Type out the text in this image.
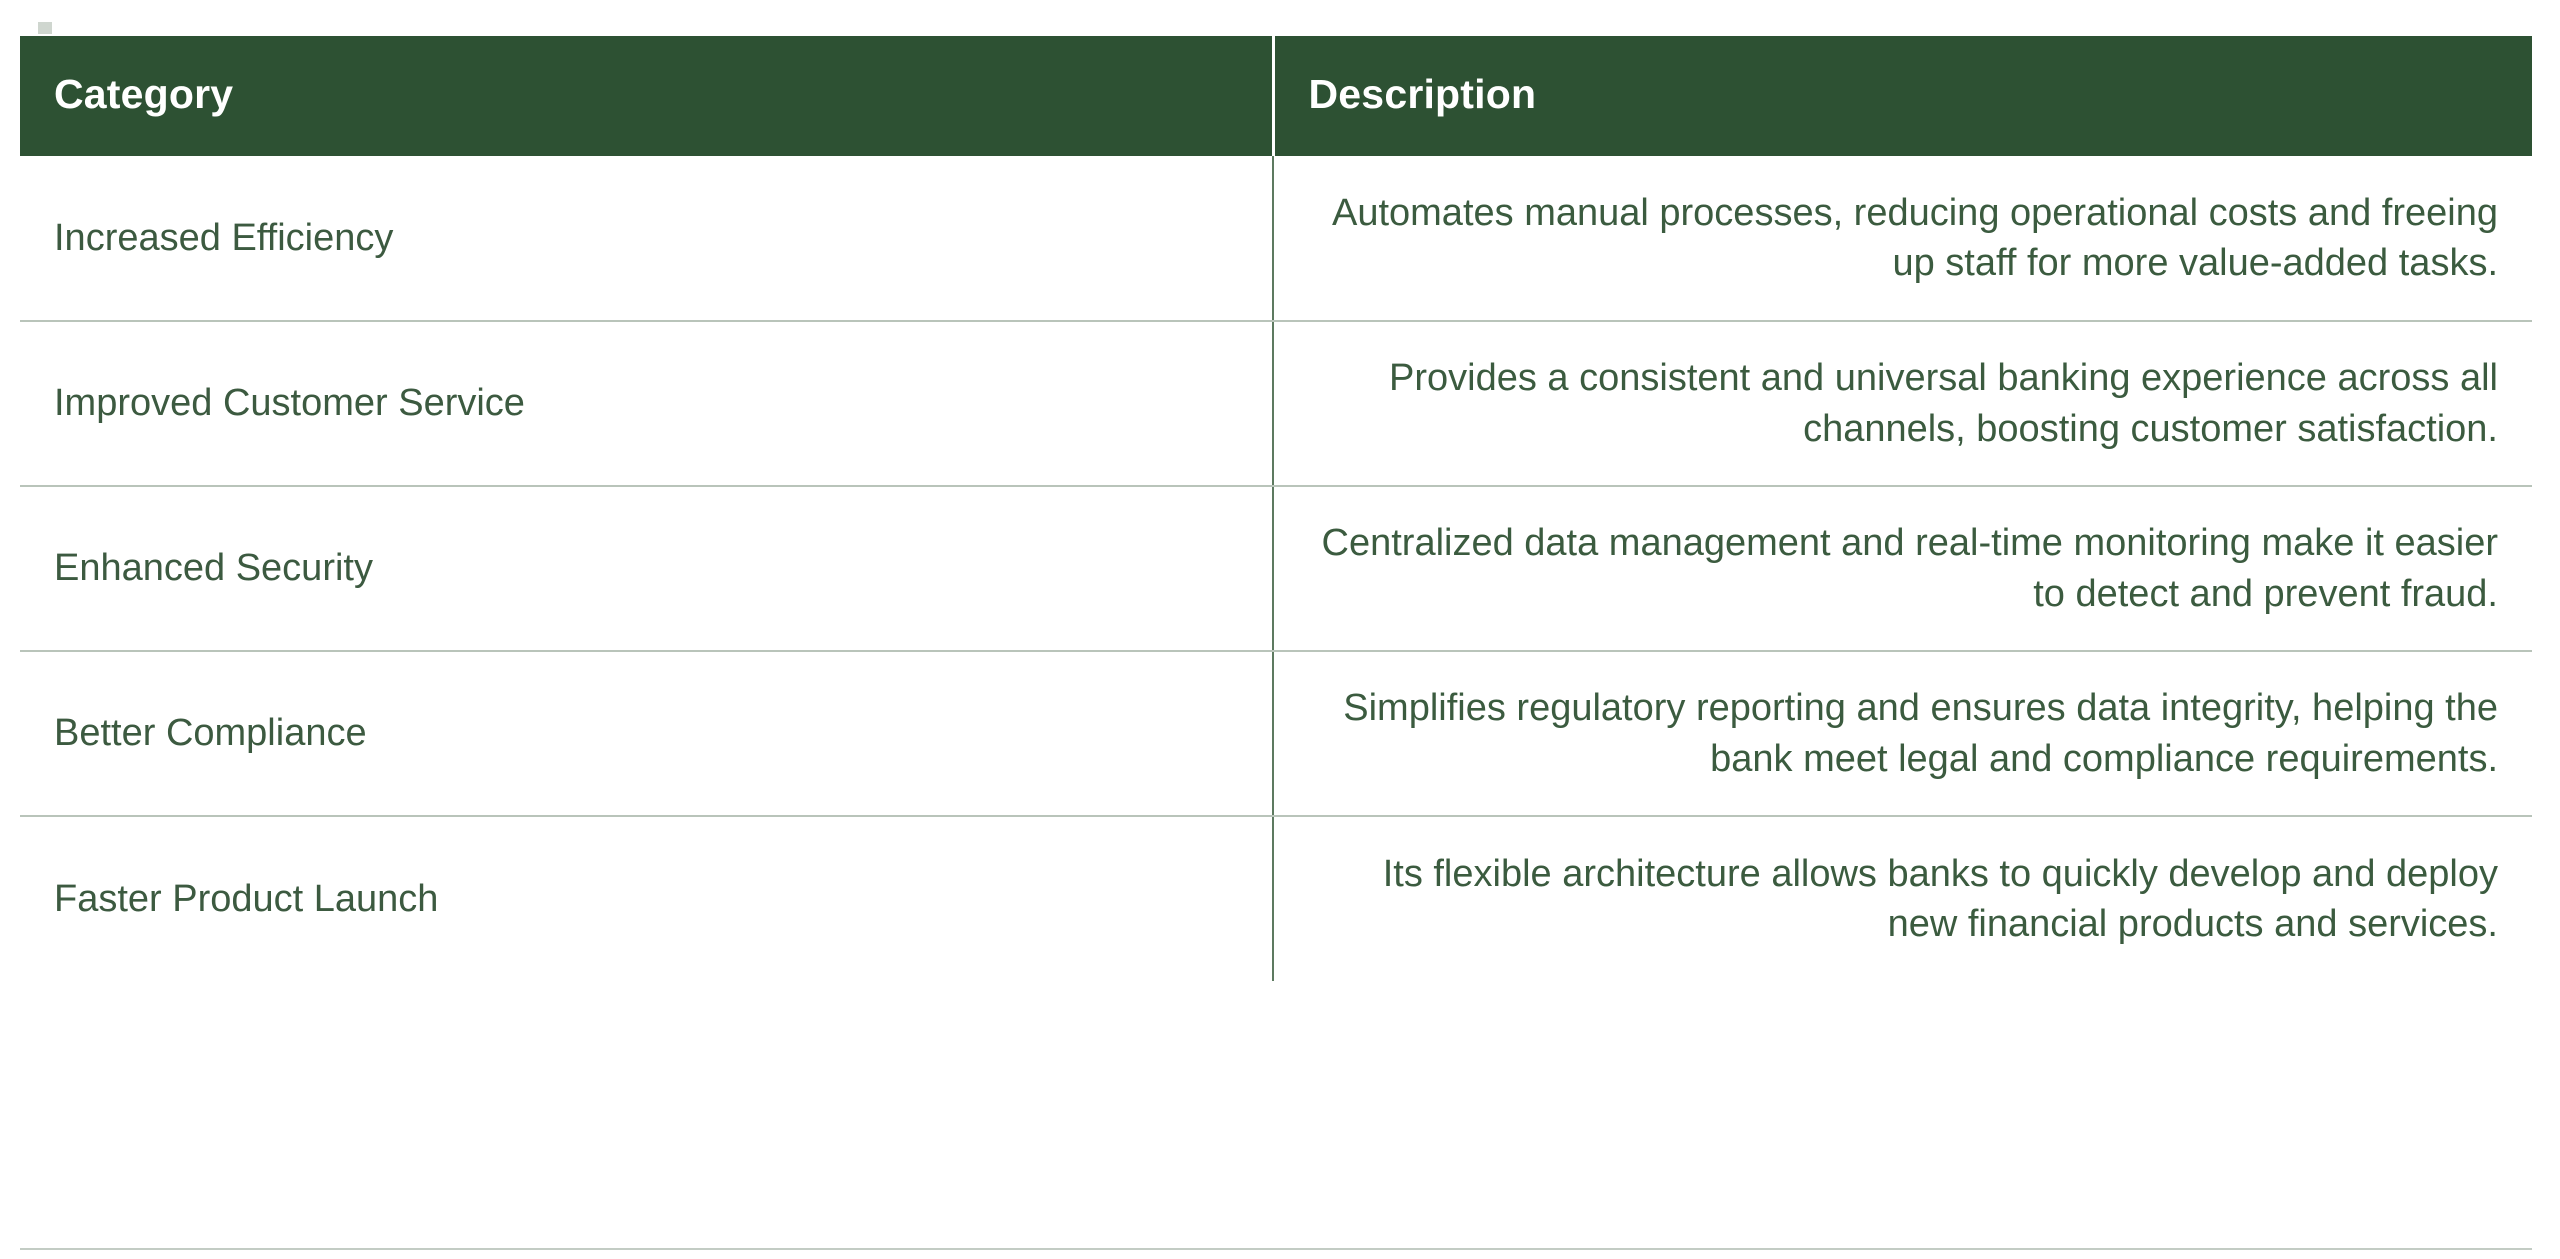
Category	Description
Increased Efficiency	Automates manual processes, reducing operational costs and freeing up staff for more value-added tasks.
Improved Customer Service	Provides a consistent and universal banking experience across all channels, boosting customer satisfaction.
Enhanced Security	Centralized data management and real-time monitoring make it easier to detect and prevent fraud.
Better Compliance	Simplifies regulatory reporting and ensures data integrity, helping the bank meet legal and compliance requirements.
Faster Product Launch	Its flexible architecture allows banks to quickly develop and deploy new financial products and services.
